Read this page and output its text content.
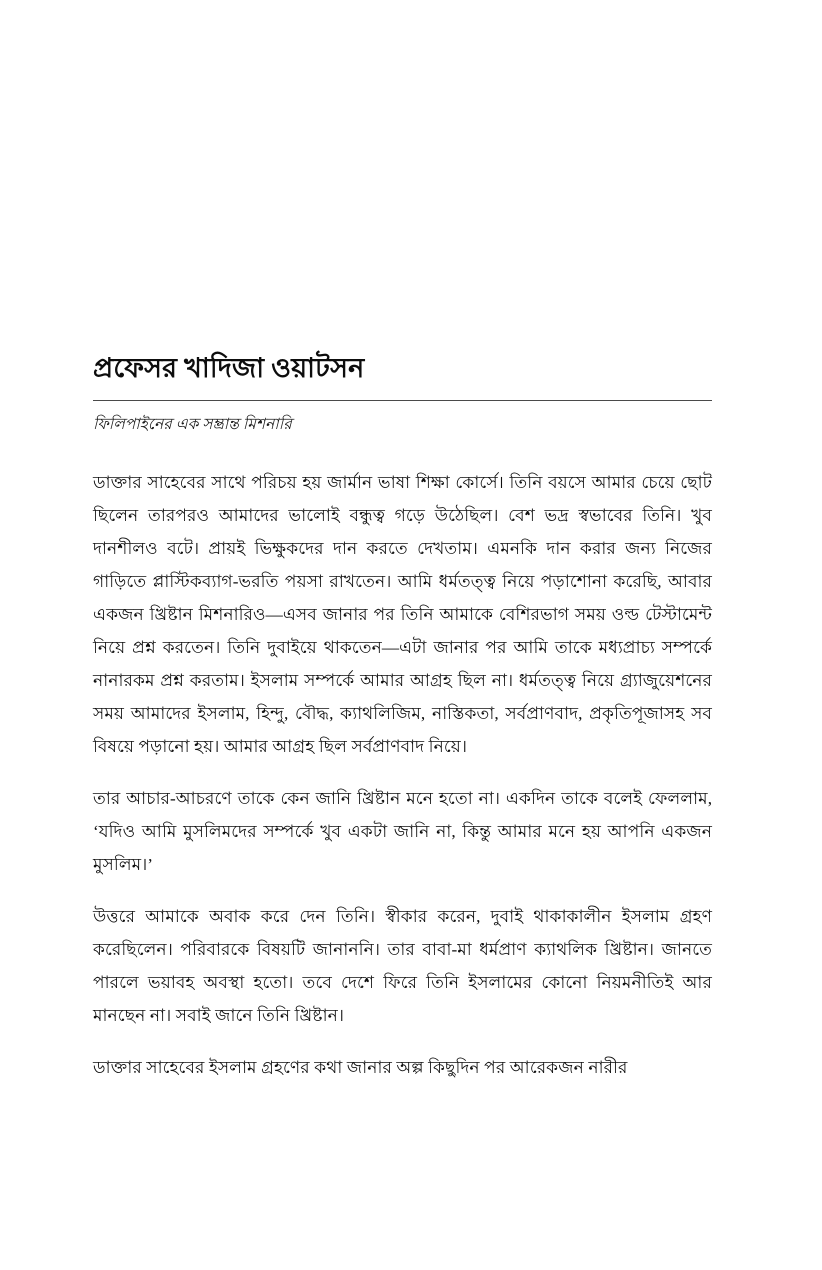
প্রফেসর খাদিজা ওয়াটসন
ফিলিপাইনের এক সম্ভ্রান্ত মিশনারি

ডাক্তার সাহেবের সাথে পরিচয় হয় জার্মান ভাষা শিক্ষা কোর্সে। তিনি বয়সে আমার চেয়ে ছোট ছিলেন তারপরও আমাদের ভালোই বন্ধুত্ব গড়ে উঠেছিল। বেশ ভদ্র স্বভাবের তিনি। খুব দানশীলও বটে। প্রায়ই ভিক্ষুকদের দান করতে দেখতাম। এমনকি দান করার জন্য নিজের গাড়িতে প্লাস্টিকব্যাগ-ভরতি পয়সা রাখতেন। আমি ধর্মতত্ত্ব নিয়ে পড়াশোনা করেছি, আবার একজন খ্রিষ্টান মিশনারিও—এসব জানার পর তিনি আমাকে বেশিরভাগ সময় ওল্ড টেস্টামেন্ট নিয়ে প্রশ্ন করতেন। তিনি দুবাইয়ে থাকতেন—এটা জানার পর আমি তাকে মধ্যপ্রাচ্য সম্পর্কে নানারকম প্রশ্ন করতাম। ইসলাম সম্পর্কে আমার আগ্রহ ছিল না। ধর্মতত্ত্ব নিয়ে গ্র্যাজুয়েশনের সময় আমাদের ইসলাম, হিন্দু, বৌদ্ধ, ক্যাথলিজিম, নাস্তিকতা, সর্বপ্রাণবাদ, প্রকৃতিপূজাসহ সব বিষয়ে পড়ানো হয়। আমার আগ্রহ ছিল সর্বপ্রাণবাদ নিয়ে।

তার আচার-আচরণে তাকে কেন জানি খ্রিষ্টান মনে হতো না। একদিন তাকে বলেই ফেললাম, ‘যদিও আমি মুসলিমদের সম্পর্কে খুব একটা জানি না, কিন্তু আমার মনে হয় আপনি একজন মুসলিম।’

উত্তরে আমাকে অবাক করে দেন তিনি। স্বীকার করেন, দুবাই থাকাকালীন ইসলাম গ্রহণ করেছিলেন। পরিবারকে বিষয়টি জানাননি। তার বাবা-মা ধর্মপ্রাণ ক্যাথলিক খ্রিষ্টান। জানতে পারলে ভয়াবহ অবস্থা হতো। তবে দেশে ফিরে তিনি ইসলামের কোনো নিয়মনীতিই আর মানছেন না। সবাই জানে তিনি খ্রিষ্টান।

ডাক্তার সাহেবের ইসলাম গ্রহণের কথা জানার অল্প কিছুদিন পর আরেকজন নারীর
